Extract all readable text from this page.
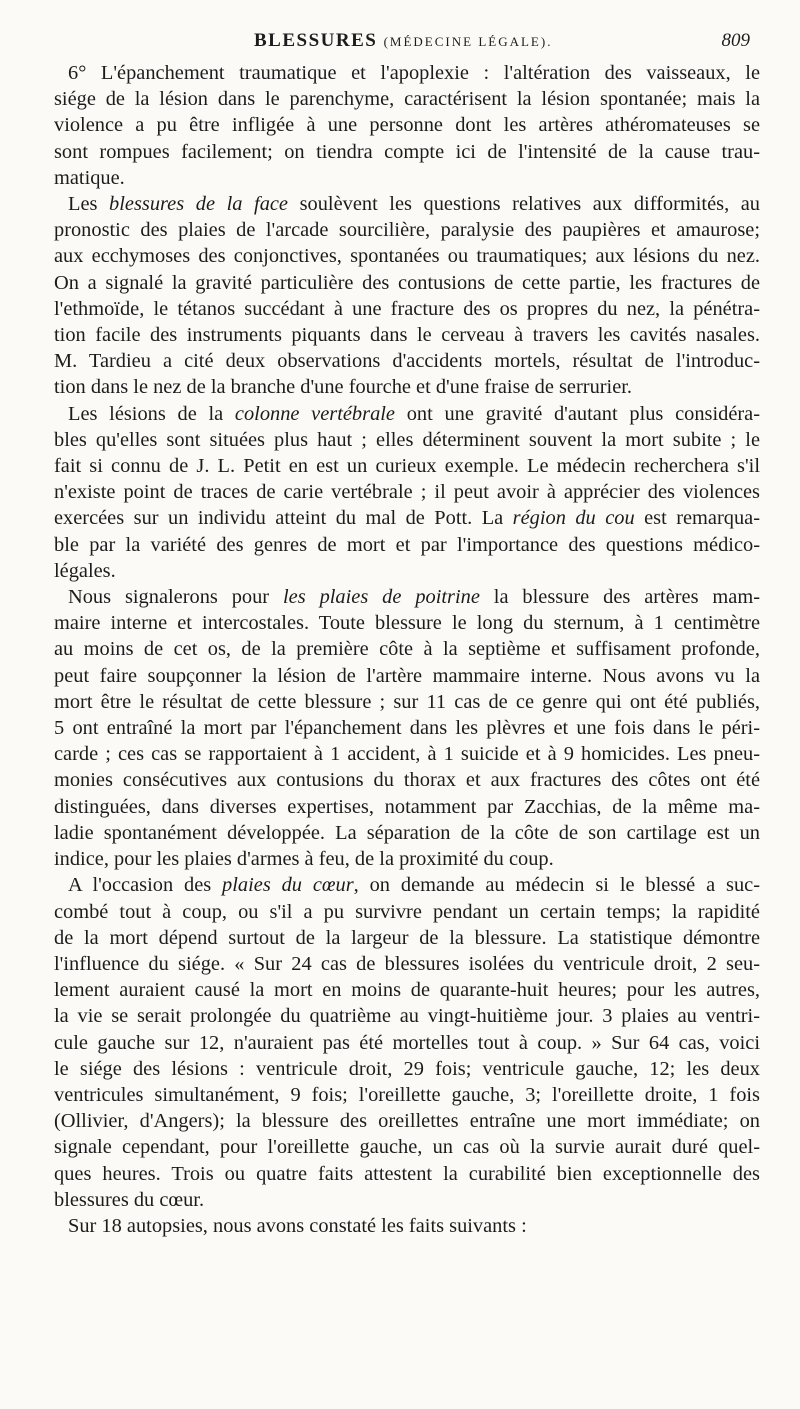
BLESSURES (MÉDECINE LÉGALE).	809
6° L'épanchement traumatique et l'apoplexie : l'altération des vaisseaux, le
siége de la lésion dans le parenchyme, caractérisent la lésion spontanée; mais la
violence a pu être infligée à une personne dont les artères athéromateuses se
sont rompues facilement; on tiendra compte ici de l'intensité de la cause trau-
matique.
Les blessures de la face soulèvent les questions relatives aux difformités, au
pronostic des plaies de l'arcade sourcilière, paralysie des paupières et amaurose;
aux ecchymoses des conjonctives, spontanées ou traumatiques; aux lésions du nez.
On a signalé la gravité particulière des contusions de cette partie, les fractures de
l'ethmoïde, le tétanos succédant à une fracture des os propres du nez, la pénétra-
tion facile des instruments piquants dans le cerveau à travers les cavités nasales.
M. Tardieu a cité deux observations d'accidents mortels, résultat de l'introduc-
tion dans le nez de la branche d'une fourche et d'une fraise de serrurier.
Les lésions de la colonne vertébrale ont une gravité d'autant plus considéra-
bles qu'elles sont situées plus haut ; elles déterminent souvent la mort subite ; le
fait si connu de J. L. Petit en est un curieux exemple. Le médecin recherchera s'il
n'existe point de traces de carie vertébrale ; il peut avoir à apprécier des violences
exercées sur un individu atteint du mal de Pott. La région du cou est remarqua-
ble par la variété des genres de mort et par l'importance des questions médico-
légales.
Nous signalerons pour les plaies de poitrine la blessure des artères mam-
maire interne et intercostales. Toute blessure le long du sternum, à 1 centimètre
au moins de cet os, de la première côte à la septième et suffisament profonde,
peut faire soupçonner la lésion de l'artère mammaire interne. Nous avons vu la
mort être le résultat de cette blessure ; sur 11 cas de ce genre qui ont été publiés,
5 ont entraîné la mort par l'épanchement dans les plèvres et une fois dans le péri-
carde ; ces cas se rapportaient à 1 accident, à 1 suicide et à 9 homicides. Les pneu-
monies consécutives aux contusions du thorax et aux fractures des côtes ont été
distinguées, dans diverses expertises, notamment par Zacchias, de la même ma-
ladie spontanément développée. La séparation de la côte de son cartilage est un
indice, pour les plaies d'armes à feu, de la proximité du coup.
A l'occasion des plaies du cœur, on demande au médecin si le blessé a suc-
combé tout à coup, ou s'il a pu survivre pendant un certain temps; la rapidité
de la mort dépend surtout de la largeur de la blessure. La statistique démontre
l'influence du siége. « Sur 24 cas de blessures isolées du ventricule droit, 2 seu-
lement auraient causé la mort en moins de quarante-huit heures; pour les autres,
la vie se serait prolongée du quatrième au vingt-huitième jour. 3 plaies au ventri-
cule gauche sur 12, n'auraient pas été mortelles tout à coup. » Sur 64 cas, voici
le siége des lésions : ventricule droit, 29 fois; ventricule gauche, 12; les deux
ventricules simultanément, 9 fois; l'oreillette gauche, 3; l'oreillette droite, 1 fois
(Ollivier, d'Angers); la blessure des oreillettes entraîne une mort immédiate; on
signale cependant, pour l'oreillette gauche, un cas où la survie aurait duré quel-
ques heures. Trois ou quatre faits attestent la curabilité bien exceptionnelle des
blessures du cœur.
Sur 18 autopsies, nous avons constaté les faits suivants :
